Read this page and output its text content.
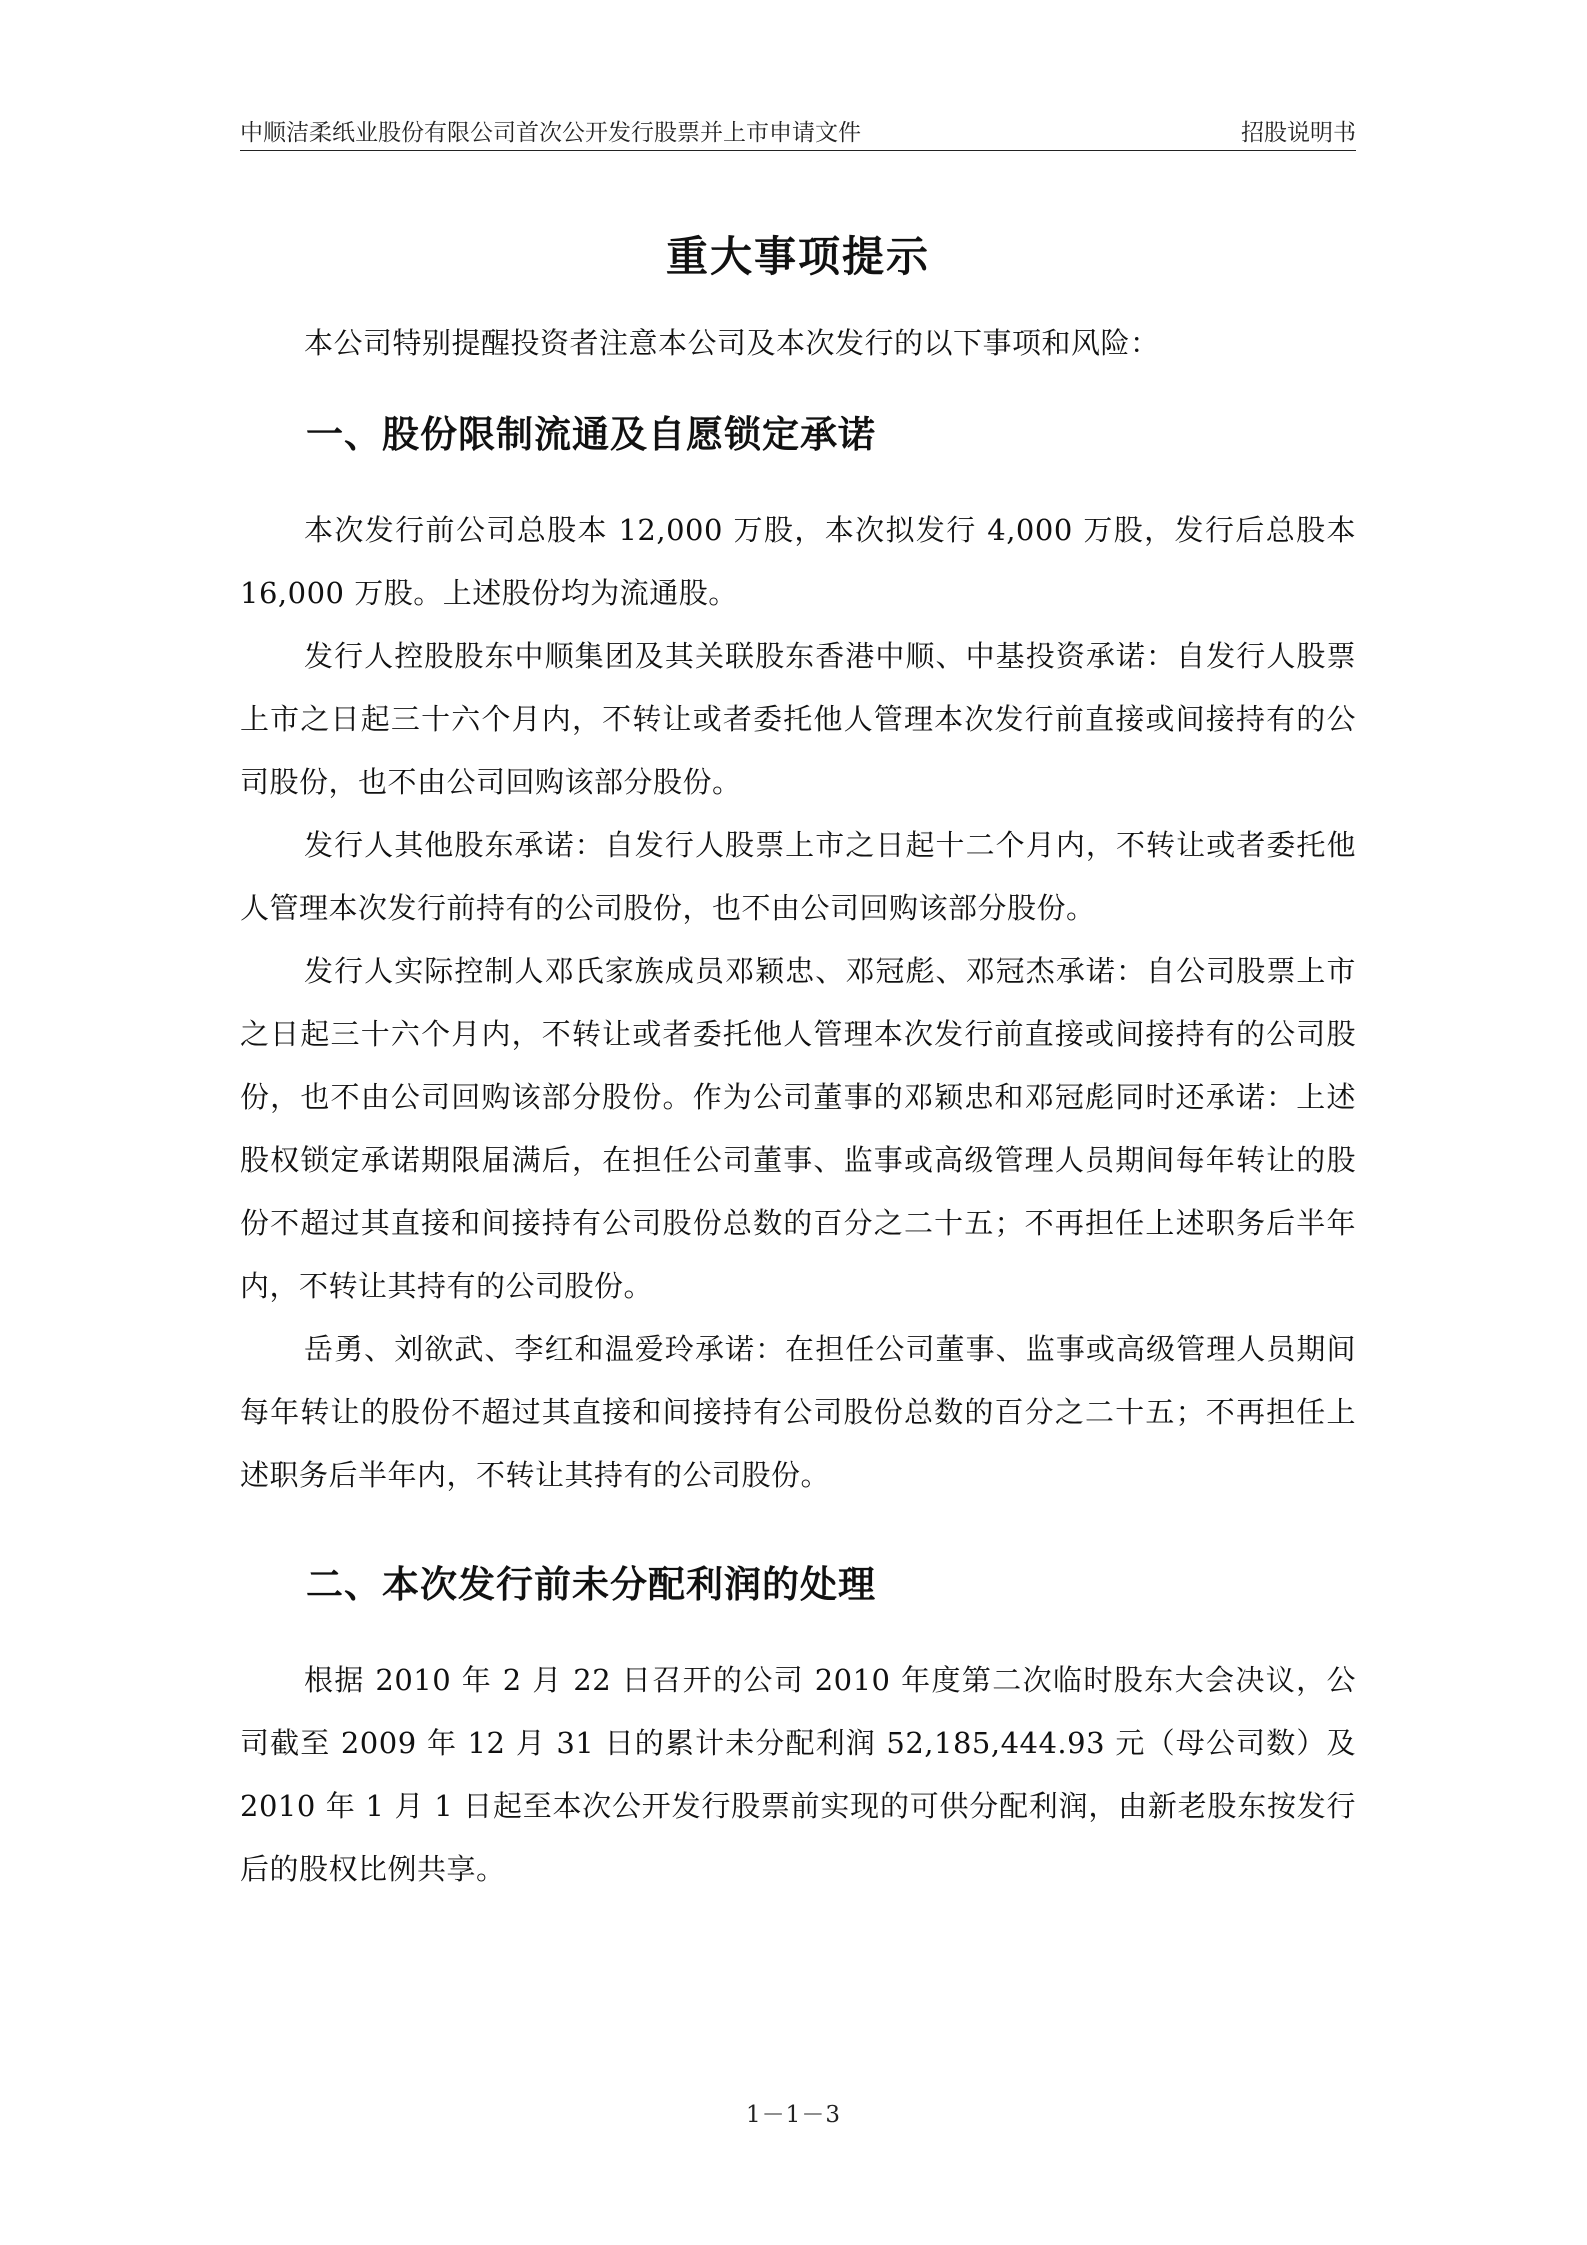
中顺洁柔纸业股份有限公司首次公开发行股票并上市申请文件	招股说明书
重大事项提示

本公司特别提醒投资者注意本公司及本次发行的以下事项和风险：

一、股份限制流通及自愿锁定承诺

本次发行前公司总股本 12,000 万股，本次拟发行 4,000 万股，发行后总股本 16,000 万股。上述股份均为流通股。

发行人控股股东中顺集团及其关联股东香港中顺、中基投资承诺：自发行人股票上市之日起三十六个月内，不转让或者委托他人管理本次发行前直接或间接持有的公司股份，也不由公司回购该部分股份。

发行人其他股东承诺：自发行人股票上市之日起十二个月内，不转让或者委托他人管理本次发行前持有的公司股份，也不由公司回购该部分股份。

发行人实际控制人邓氏家族成员邓颖忠、邓冠彪、邓冠杰承诺：自公司股票上市之日起三十六个月内，不转让或者委托他人管理本次发行前直接或间接持有的公司股份，也不由公司回购该部分股份。作为公司董事的邓颖忠和邓冠彪同时还承诺：上述股权锁定承诺期限届满后，在担任公司董事、监事或高级管理人员期间每年转让的股份不超过其直接和间接持有公司股份总数的百分之二十五；不再担任上述职务后半年内，不转让其持有的公司股份。

岳勇、刘欲武、李红和温爱玲承诺：在担任公司董事、监事或高级管理人员期间每年转让的股份不超过其直接和间接持有公司股份总数的百分之二十五；不再担任上述职务后半年内，不转让其持有的公司股份。

二、本次发行前未分配利润的处理

根据 2010 年 2 月 22 日召开的公司 2010 年度第二次临时股东大会决议，公司截至 2009 年 12 月 31 日的累计未分配利润 52,185,444.93 元（母公司数）及 2010 年 1 月 1 日起至本次公开发行股票前实现的可供分配利润，由新老股东按发行后的股权比例共享。

1－1－3
